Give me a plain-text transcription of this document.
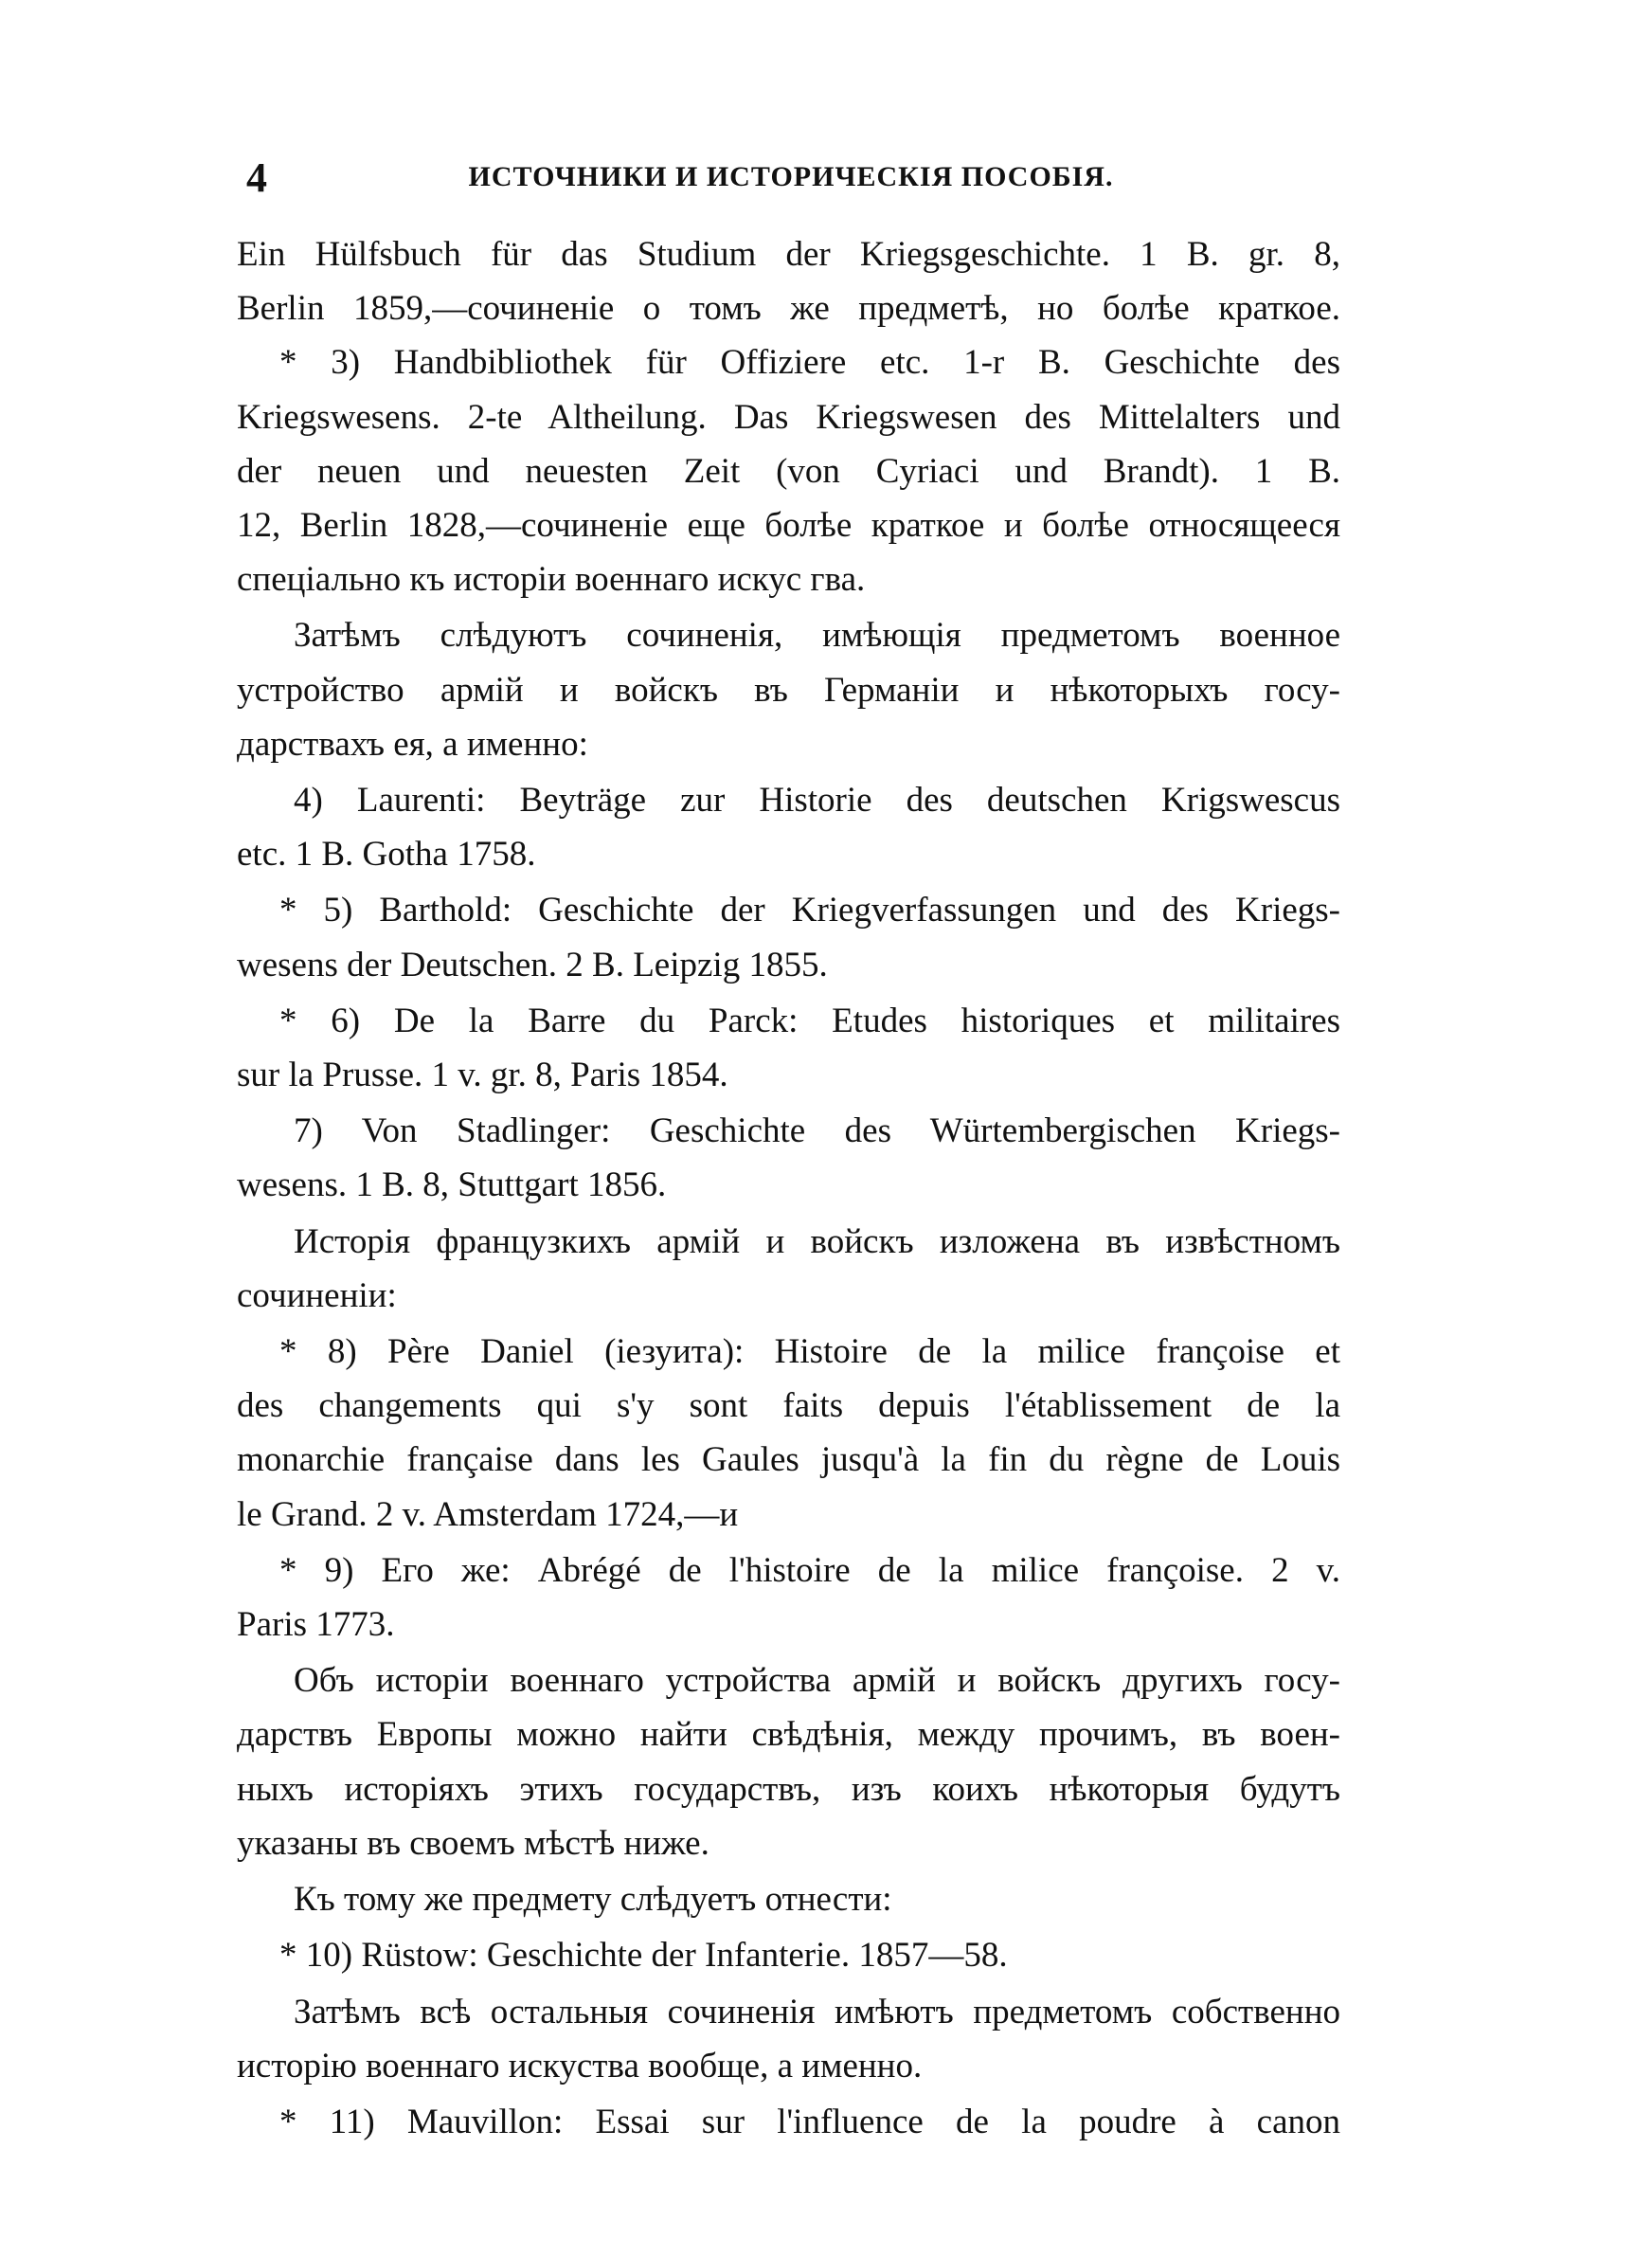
4	ИСТОЧНИКИ И ИСТОРИЧЕСКІЯ ПОСОБІЯ.
Ein Hülfsbuch für das Studium der Kriegsgeschichte. 1 B. gr. 8,
Berlin 1859,—сочиненіе о томъ же предметѣ, но болѣе краткое.
* 3) Handbibliothek für Offiziere etc. 1-r B. Geschichte des
Kriegswesens. 2-te Altheilung. Das Kriegswesen des Mittelalters und
der neuen und neuesten Zeit (von Cyriaci und Brandt). 1 B.
12, Berlin 1828,—сочиненіе еще болѣе краткое и болѣе относящееся
спеціально къ исторіи военнаго искус гва.
Затѣмъ слѣдуютъ сочиненія, имѣющія предметомъ военное
устройство армій и войскъ въ Германіи и нѣкоторыхъ госу-
дарствахъ ея, а именно:
4) Laurenti: Beyträge zur Historie des deutschen Krigswescus
etc. 1 B. Gotha 1758.
* 5) Barthold: Geschichte der Kriegverfassungen und des Kriegs-
wesens der Deutschen. 2 B. Leipzig 1855.
* 6) De la Barre du Parck: Etudes historiques et militaires
sur la Prusse. 1 v. gr. 8, Paris 1854.
7) Von Stadlinger: Geschichte des Würtembergischen Kriegs-
wesens. 1 B. 8, Stuttgart 1856.
Исторія французкихъ армій и войскъ изложена въ извѣстномъ
сочиненіи:
* 8) Père Daniel (іезуита): Histoire de la milice françoise et
des changements qui s'y sont faits depuis l'établissement de la
monarchie française dans les Gaules jusqu'à la fin du règne de Louis
le Grand. 2 v. Amsterdam 1724,—и
* 9) Его же: Abrégé de l'histoire de la milice françoise. 2 v.
Paris 1773.
Объ исторіи военнаго устройства армій и войскъ другихъ госу-
дарствъ Европы можно найти свѣдѣнія, между прочимъ, въ воен-
ныхъ исторіяхъ этихъ государствъ, изъ коихъ нѣкоторыя будутъ
указаны въ своемъ мѣстѣ ниже.
Къ тому же предмету слѣдуетъ отнести:
* 10) Rüstow: Geschichte der Infanterie. 1857—58.
Затѣмъ всѣ остальныя сочиненія имѣютъ предметомъ собственно
исторію военнаго искуства вообще, а именно.
* 11) Mauvillon: Essai sur l'influence de la poudre à canon
